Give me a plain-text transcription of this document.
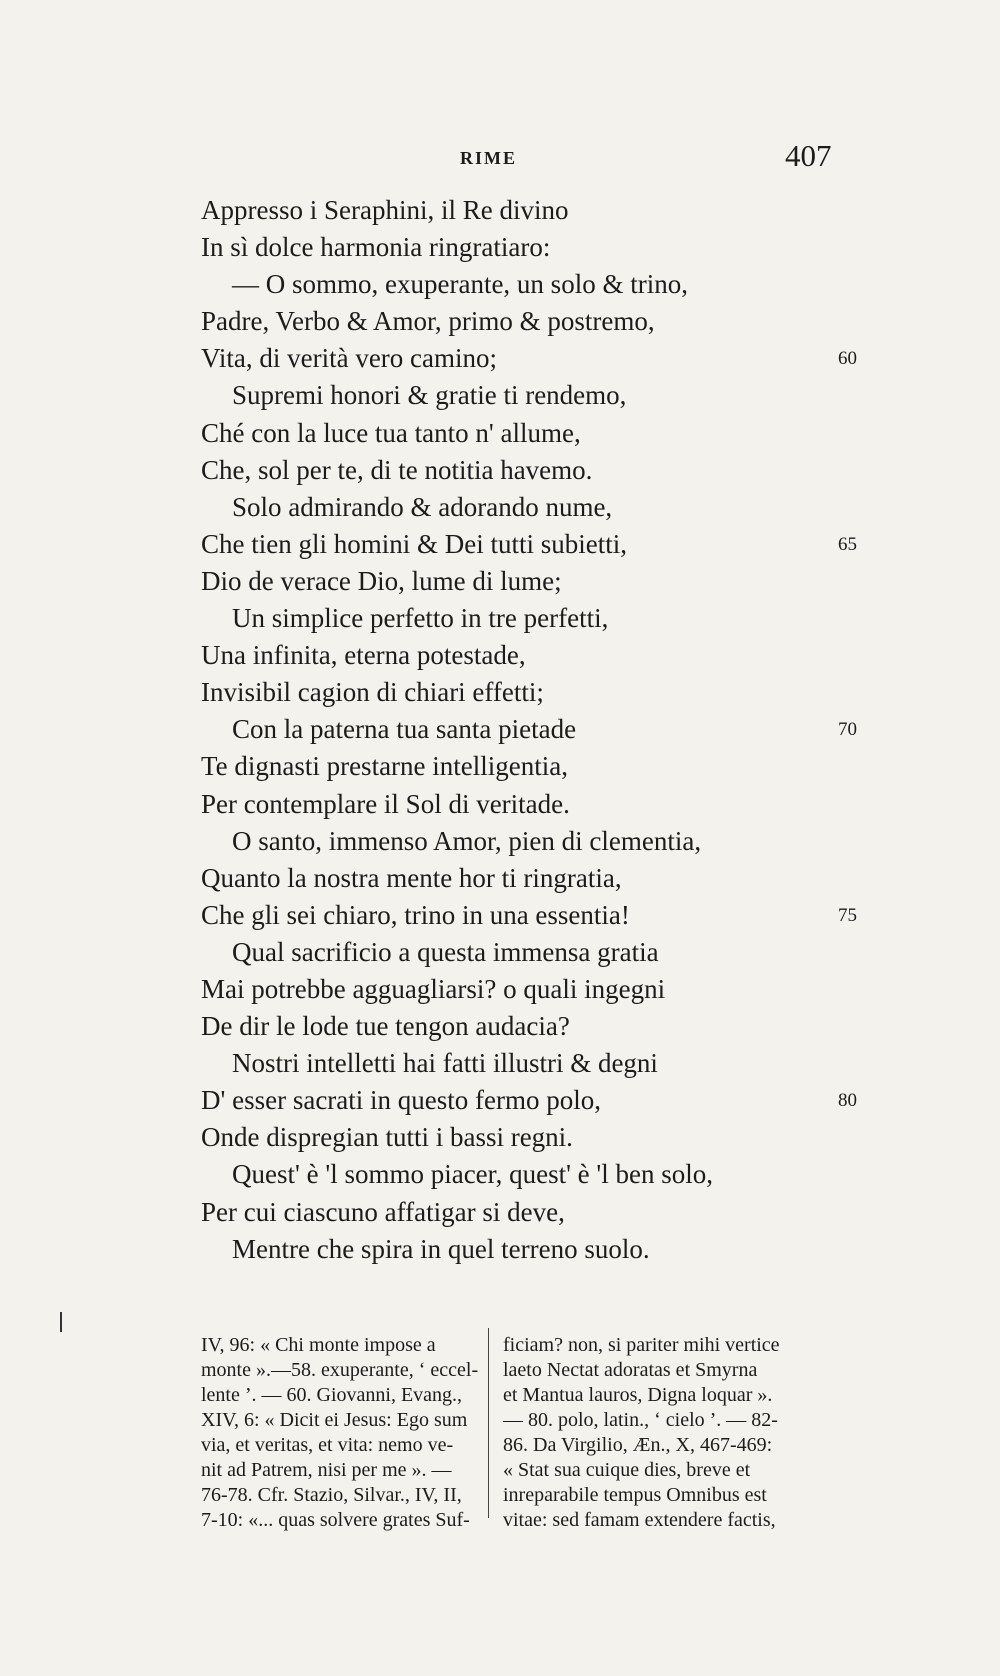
RIME	407
Appresso i Seraphini, il Re divino
In sì dolce harmonia ringratiaro:
— O sommo, exuperante, un solo & trino,
Padre, Verbo & Amor, primo & postremo,
Vita, di verità vero camino;	60
Supremi honori & gratie ti rendemo,
Ché con la luce tua tanto n' allume,
Che, sol per te, di te notitia havemo.
Solo admirando & adorando nume,
Che tien gli homini & Dei tutti subietti,	65
Dio de verace Dio, lume di lume;
Un simplice perfetto in tre perfetti,
Una infinita, eterna potestade,
Invisibil cagion di chiari effetti;
Con la paterna tua santa pietade	70
Te dignasti prestarne intelligentia,
Per contemplare il Sol di veritade.
O santo, immenso Amor, pien di clementia,
Quanto la nostra mente hor ti ringratia,
Che gli sei chiaro, trino in una essentia!	75
Qual sacrificio a questa immensa gratia
Mai potrebbe agguagliarsi? o quali ingegni
De dir le lode tue tengon audacia?
Nostri intelletti hai fatti illustri & degni
D' esser sacrati in questo fermo polo,	80
Onde dispregian tutti i bassi regni.
Quest' è 'l sommo piacer, quest' è 'l ben solo,
Per cui ciascuno affatigar si deve,
Mentre che spira in quel terreno suolo.
IV, 96: « Chi monte impose a
monte ».—58. exuperante, ‘ eccel-
lente ’. — 60. Giovanni, Evang.,
XIV, 6: « Dicit ei Jesus: Ego sum
via, et veritas, et vita: nemo ve-
nit ad Patrem, nisi per me ». —
76-78. Cfr. Stazio, Silvar., IV, II,
7-10: «... quas solvere grates Suf-
ficiam? non, si pariter mihi vertice
laeto Nectat adoratas et Smyrna
et Mantua lauros, Digna loquar ».
— 80. polo, latin., ‘ cielo ’. — 82-
86. Da Virgilio, Æn., X, 467-469:
« Stat sua cuique dies, breve et
inreparabile tempus Omnibus est
vitae: sed famam extendere factis,
